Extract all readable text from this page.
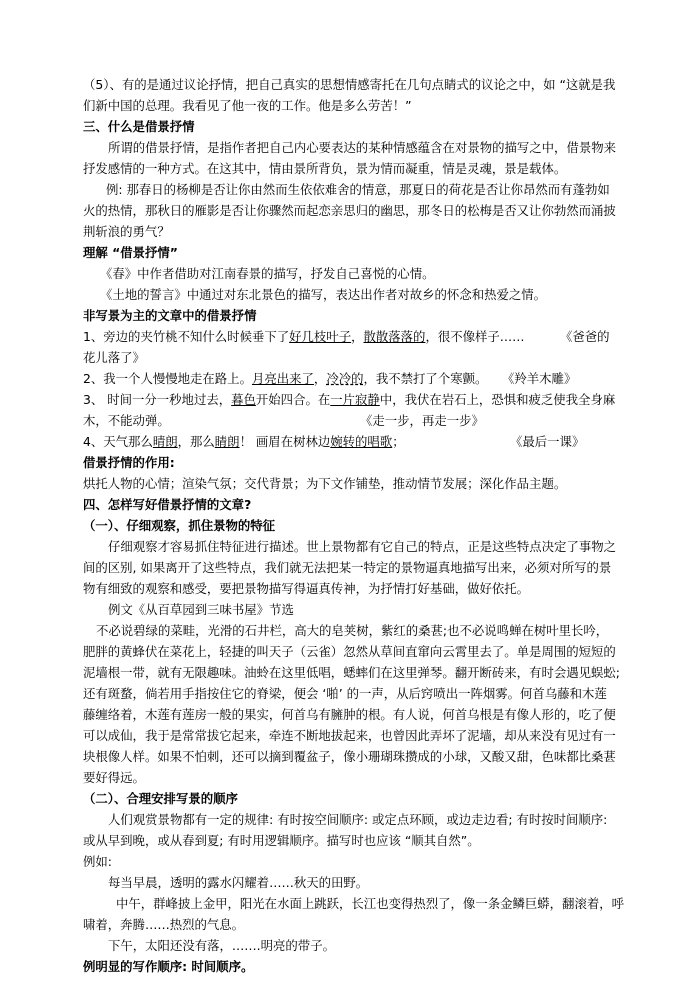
（5）、有的是通过议论抒情，把自己真实的思想情感寄托在几句点睛式的议论之中，如 “这就是我
们新中国的总理。我看见了他一夜的工作。他是多么劳苦！”
三、什么是借景抒情
所谓的借景抒情，是指作者把自己内心要表达的某种情感蕴含在对景物的描写之中，借景物来
抒发感情的一种方式。在这其中，情由景所背负，景为情而凝重，情是灵魂，景是载体。
例: 那春日的杨柳是否让你由然而生依依难舍的情意，那夏日的荷花是否让你昂然而有蓬勃如
火的热情，那秋日的雁影是否让你骤然而起恋亲思归的幽思，那冬日的松梅是否又让你勃然而涌披
荆斩浪的勇气？
理解 “借景抒情”
《春》中作者借助对江南春景的描写，抒发自己喜悦的心情。
《土地的誓言》中通过对东北景色的描写，表达出作者对故乡的怀念和热爱之情。
非写景为主的文章中的借景抒情
1、旁边的夹竹桃不知什么时候垂下了好几枝叶子，散散落落的，很不像样子……	《爸爸的
花儿落了》
2、我一个人慢慢地走在路上。月亮出来了，冷冷的，我不禁打了个寒颤。	《羚羊木雕》
3、 时间一分一秒地过去，暮色开始四合。在一片寂静中，我伏在岩石上，恐惧和疲乏使我全身麻
木，不能动弹。	《走一步，再走一步》
4、天气那么晴朗，那么睛朗！ 画眉在树林边婉转的唱歌；	《最后一课》
借景抒情的作用:
烘托人物的心情；渲染气氛；交代背景；为下文作铺垫，推动情节发展；深化作品主题。
四、怎样写好借景抒情的文章?
（一）、仔细观察，抓住景物的特征
仔细观察才容易抓住特征进行描述。世上景物都有它自己的特点，正是这些特点决定了事物之
间的区别, 如果离开了这些特点，我们就无法把某一特定的景物逼真地描写出来，必须对所写的景
物有细致的观察和感受，要把景物描写得逼真传神，为抒情打好基础，做好依托。
例文《从百草园到三味书屋》节选
不必说碧绿的菜畦，光滑的石井栏，高大的皂荚树，紫红的桑葚;也不必说鸣蝉在树叶里长吟，
肥胖的黄蜂伏在菜花上，轻捷的叫天子（云雀）忽然从草间直窜向云霄里去了。单是周围的短短的
泥墙根一带，就有无限趣味。油蛉在这里低唱，蟋蟀们在这里弹琴。翻开断砖来，有时会遇见蜈蚣;
还有斑蝥，倘若用手指按住它的脊梁，便会 ‘啪’ 的一声，从后窍喷出一阵烟雾。何首乌藤和木莲
藤缠络着，木莲有莲房一般的果实，何首乌有臃肿的根。有人说，何首乌根是有像人形的，吃了便
可以成仙，我于是常常拔它起来，牵连不断地拔起来，也曾因此弄坏了泥墙，却从来没有见过有一
块根像人样。如果不怕刺，还可以摘到覆盆子，像小珊瑚珠攒成的小球，又酸又甜，色味都比桑葚
要好得远。
（二）、合理安排写景的顺序
人们观赏景物都有一定的规律: 有时按空间顺序: 或定点环顾，或边走边看; 有时按时间顺序:
或从早到晚，或从春到夏; 有时用逻辑顺序。描写时也应该 “顺其自然”。
例如:
每当早晨，透明的露水闪耀着……秋天的田野。
中午，群峰披上金甲，阳光在水面上跳跃，长江也变得热烈了，像一条金鳞巨蟒，翻滚着，呼
啸着，奔腾……热烈的气息。
下午，太阳还没有落，…….明亮的带子。
例明显的写作顺序: 时间顺序。
